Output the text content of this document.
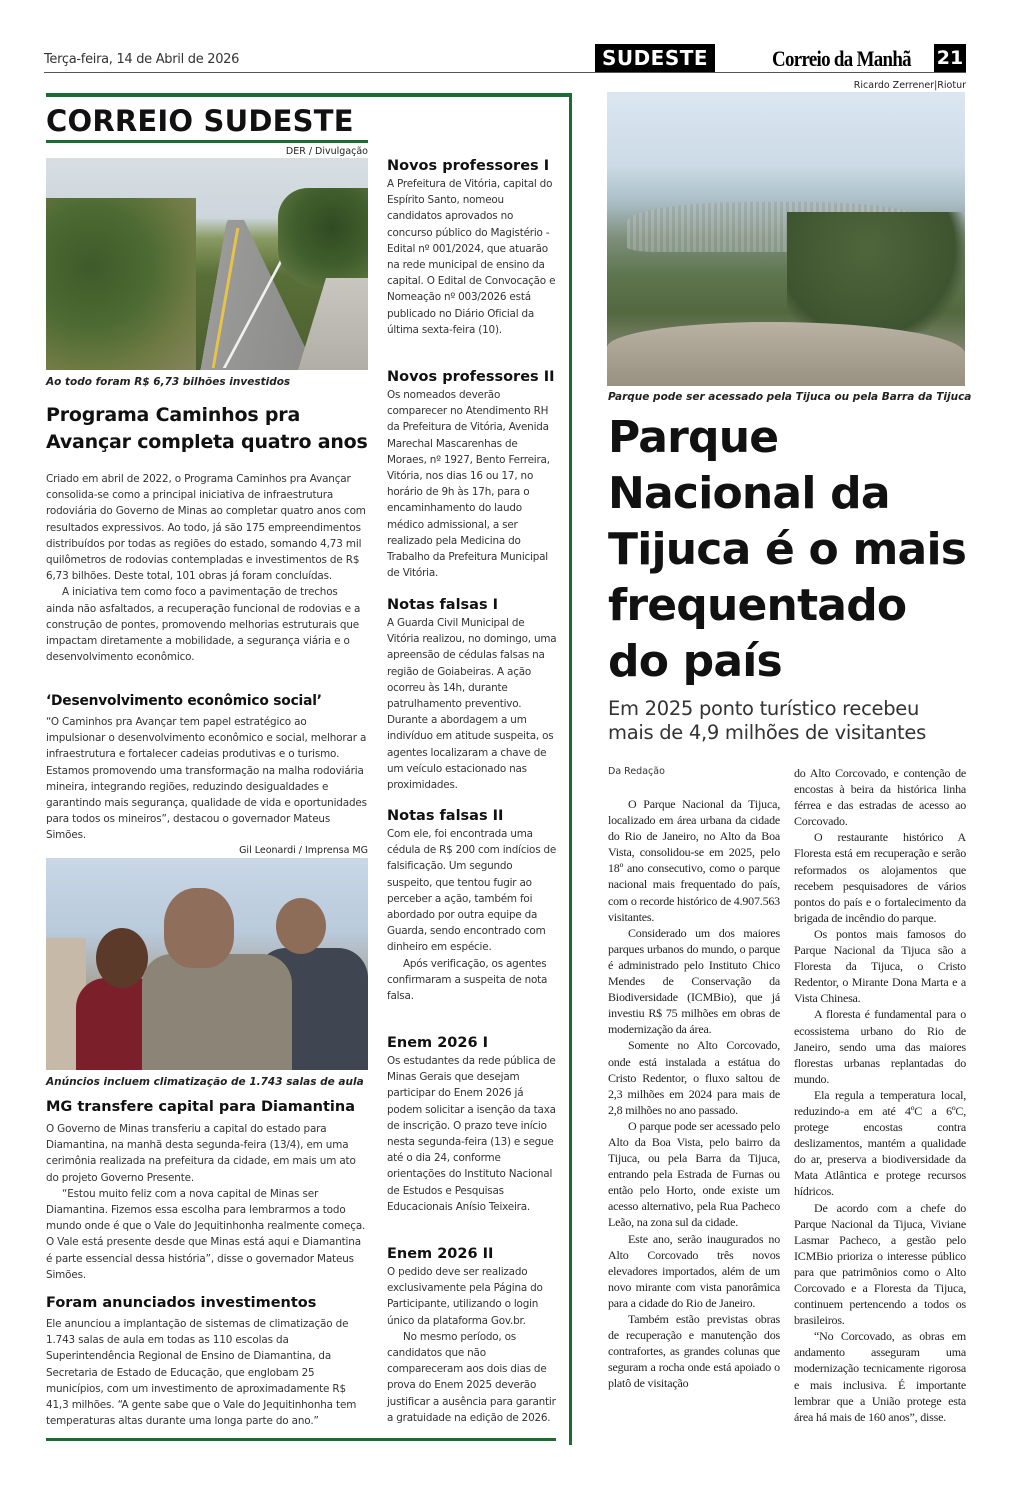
Terça-feira, 14 de Abril de 2026	SUDESTE	Correio da Manhã 21
CORREIO SUDESTE
DER / Divulgação
Ao todo foram R$ 6,73 bilhões investidos
Programa Caminhos pra Avançar completa quatro anos

Criado em abril de 2022, o Programa Caminhos pra Avançar consolida-se como a principal iniciativa de infraestrutura rodoviária do Governo de Minas ao completar quatro anos com resultados expressivos. Ao todo, já são 175 empreendimentos distribuídos por todas as regiões do estado, somando 4,73 mil quilômetros de rodovias contempladas e investimentos de R$ 6,73 bilhões. Deste total, 101 obras já foram concluídas.

A iniciativa tem como foco a pavimentação de trechos ainda não asfaltados, a recuperação funcional de rodovias e a construção de pontes, promovendo melhorias estruturais que impactam diretamente a mobilidade, a segurança viária e o desenvolvimento econômico.

‘Desenvolvimento econômico social’

“O Caminhos pra Avançar tem papel estratégico ao impulsionar o desenvolvimento econômico e social, melhorar a infraestrutura e fortalecer cadeias produtivas e o turismo. Estamos promovendo uma transformação na malha rodoviária mineira, integrando regiões, reduzindo desigualdades e garantindo mais segurança, qualidade de vida e oportunidades para todos os mineiros”, destacou o governador Mateus Simões.

Gil Leonardi / Imprensa MG
Anúncios incluem climatização de 1.743 salas de aula
MG transfere capital para Diamantina

O Governo de Minas transferiu a capital do estado para Diamantina, na manhã desta segunda-feira (13/4), em uma cerimônia realizada na prefeitura da cidade, em mais um ato do projeto Governo Presente.

“Estou muito feliz com a nova capital de Minas ser Diamantina. Fizemos essa escolha para lembrarmos a todo mundo onde é que o Vale do Jequitinhonha realmente começa. O Vale está presente desde que Minas está aqui e Diamantina é parte essencial dessa história”, disse o governador Mateus Simões.

Foram anunciados investimentos

Ele anunciou a implantação de sistemas de climatização de 1.743 salas de aula em todas as 110 escolas da Superintendência Regional de Ensino de Diamantina, da Secretaria de Estado de Educação, que englobam 25 municípios, com um investimento de aproximadamente R$ 41,3 milhões. “A gente sabe que o Vale do Jequitinhonha tem temperaturas altas durante uma longa parte do ano.”

Novos professores I

A Prefeitura de Vitória, capital do Espírito Santo, nomeou candidatos aprovados no concurso público do Magistério - Edital nº 001/2024, que atuarão na rede municipal de ensino da capital. O Edital de Convocação e Nomeação nº 003/2026 está publicado no Diário Oficial da última sexta-feira (10).

Novos professores II

Os nomeados deverão comparecer no Atendimento RH da Prefeitura de Vitória, Avenida Marechal Mascarenhas de Moraes, nº 1927, Bento Ferreira, Vitória, nos dias 16 ou 17, no horário de 9h às 17h, para o encaminhamento do laudo médico admissional, a ser realizado pela Medicina do Trabalho da Prefeitura Municipal de Vitória.

Notas falsas I

A Guarda Civil Municipal de Vitória realizou, no domingo, uma apreensão de cédulas falsas na região de Goiabeiras. A ação ocorreu às 14h, durante patrulhamento preventivo. Durante a abordagem a um indivíduo em atitude suspeita, os agentes localizaram a chave de um veículo estacionado nas proximidades.

Notas falsas II

Com ele, foi encontrada uma cédula de R$ 200 com indícios de falsificação. Um segundo suspeito, que tentou fugir ao perceber a ação, também foi abordado por outra equipe da Guarda, sendo encontrado com dinheiro em espécie.

Após verificação, os agentes confirmaram a suspeita de nota falsa.

Enem 2026 I

Os estudantes da rede pública de Minas Gerais que desejam participar do Enem 2026 já podem solicitar a isenção da taxa de inscrição. O prazo teve início nesta segunda-feira (13) e segue até o dia 24, conforme orientações do Instituto Nacional de Estudos e Pesquisas Educacionais Anísio Teixeira.

Enem 2026 II

O pedido deve ser realizado exclusivamente pela Página do Participante, utilizando o login único da plataforma Gov.br.

No mesmo período, os candidatos que não compareceram aos dois dias de prova do Enem 2025 deverão justificar a ausência para garantir a gratuidade na edição de 2026.

Ricardo Zerrener|Riotur
Parque pode ser acessado pela Tijuca ou pela Barra da Tijuca
Parque Nacional da Tijuca é o mais frequentado do país
Em 2025 ponto turístico recebeu mais de 4,9 milhões de visitantes
Da Redação

O Parque Nacional da Tijuca, localizado em área urbana da cidade do Rio de Janeiro, no Alto da Boa Vista, consolidou-se em 2025, pelo 18º ano consecutivo, como o parque nacional mais frequentado do país, com o recorde histórico de 4.907.563 visitantes.

Considerado um dos maiores parques urbanos do mundo, o parque é administrado pelo Instituto Chico Mendes de Conservação da Biodiversidade (ICMBio), que já investiu R$ 75 milhões em obras de modernização da área.

Somente no Alto Corcovado, onde está instalada a estátua do Cristo Redentor, o fluxo saltou de 2,3 milhões em 2024 para mais de 2,8 milhões no ano passado.

O parque pode ser acessado pelo Alto da Boa Vista, pelo bairro da Tijuca, ou pela Barra da Tijuca, entrando pela Estrada de Furnas ou então pelo Horto, onde existe um acesso alternativo, pela Rua Pacheco Leão, na zona sul da cidade.

Este ano, serão inaugurados no Alto Corcovado três novos elevadores importados, além de um novo mirante com vista panorâmica para a cidade do Rio de Janeiro.

Também estão previstas obras de recuperação e manutenção dos contrafortes, as grandes colunas que seguram a rocha onde está apoiado o platô de visitação

do Alto Corcovado, e contenção de encostas à beira da histórica linha férrea e das estradas de acesso ao Corcovado.

O restaurante histórico A Floresta está em recuperação e serão reformados os alojamentos que recebem pesquisadores de vários pontos do país e o fortalecimento da brigada de incêndio do parque.

Os pontos mais famosos do Parque Nacional da Tijuca são a Floresta da Tijuca, o Cristo Redentor, o Mirante Dona Marta e a Vista Chinesa.

A floresta é fundamental para o ecossistema urbano do Rio de Janeiro, sendo uma das maiores florestas urbanas replantadas do mundo.

Ela regula a temperatura local, reduzindo-a em até 4ºC a 6ºC, protege encostas contra deslizamentos, mantém a qualidade do ar, preserva a biodiversidade da Mata Atlântica e protege recursos hídricos.

De acordo com a chefe do Parque Nacional da Tijuca, Viviane Lasmar Pacheco, a gestão pelo ICMBio prioriza o interesse público para que patrimônios como o Alto Corcovado e a Floresta da Tijuca, continuem pertencendo a todos os brasileiros.

“No Corcovado, as obras em andamento asseguram uma modernização tecnicamente rigorosa e mais inclusiva. É importante lembrar que a União protege esta área há mais de 160 anos”, disse.
